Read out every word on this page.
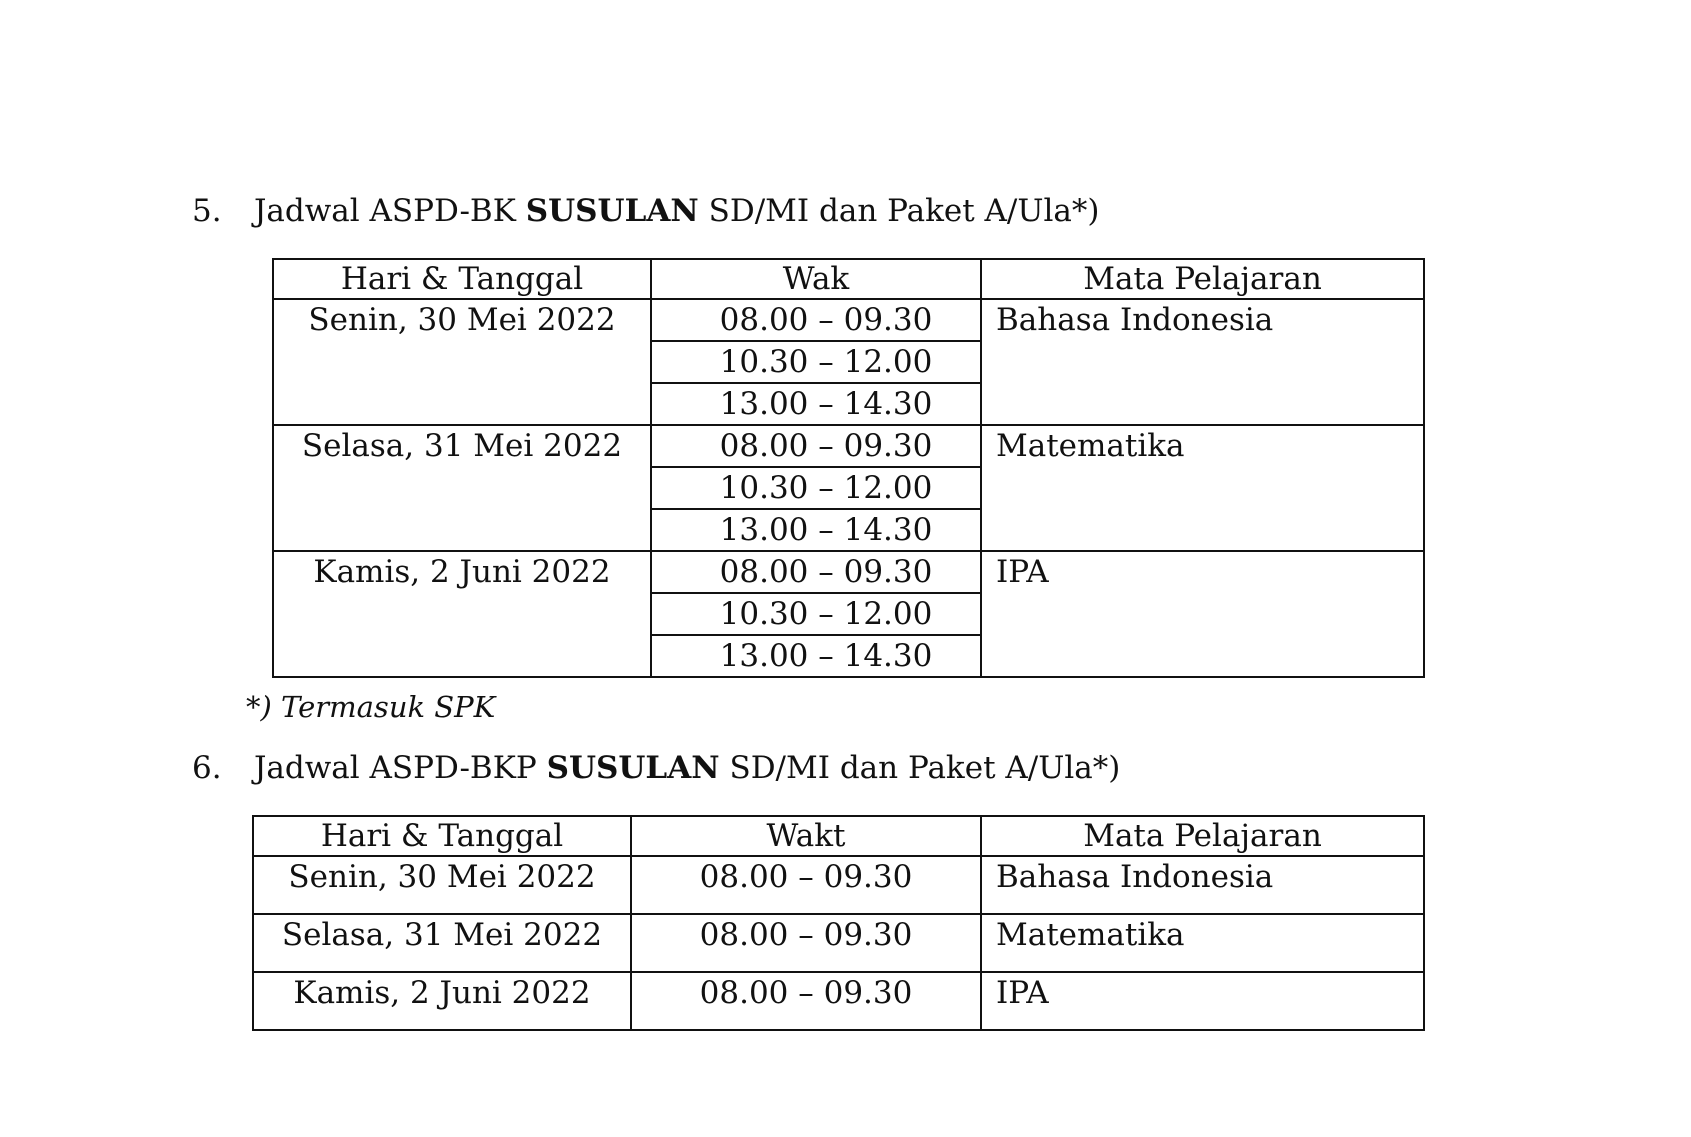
5. Jadwal ASPD-BK SUSULAN SD/MI dan Paket A/Ula*)
Hari & Tanggal	Wak	Mata Pelajaran
Senin, 30 Mei 2022	08.00 – 09.30	Bahasa Indonesia
	10.30 – 12.00	
	13.00 – 14.30	
Selasa, 31 Mei 2022	08.00 – 09.30	Matematika
	10.30 – 12.00	
	13.00 – 14.30	
Kamis, 2 Juni 2022	08.00 – 09.30	IPA
	10.30 – 12.00	
	13.00 – 14.30	
*) Termasuk SPK
6. Jadwal ASPD-BKP SUSULAN SD/MI dan Paket A/Ula*)
Hari & Tanggal	Wakt	Mata Pelajaran
Senin, 30 Mei 2022	08.00 – 09.30	Bahasa Indonesia
Selasa, 31 Mei 2022	08.00 – 09.30	Matematika
Kamis, 2 Juni 2022	08.00 – 09.30	IPA
